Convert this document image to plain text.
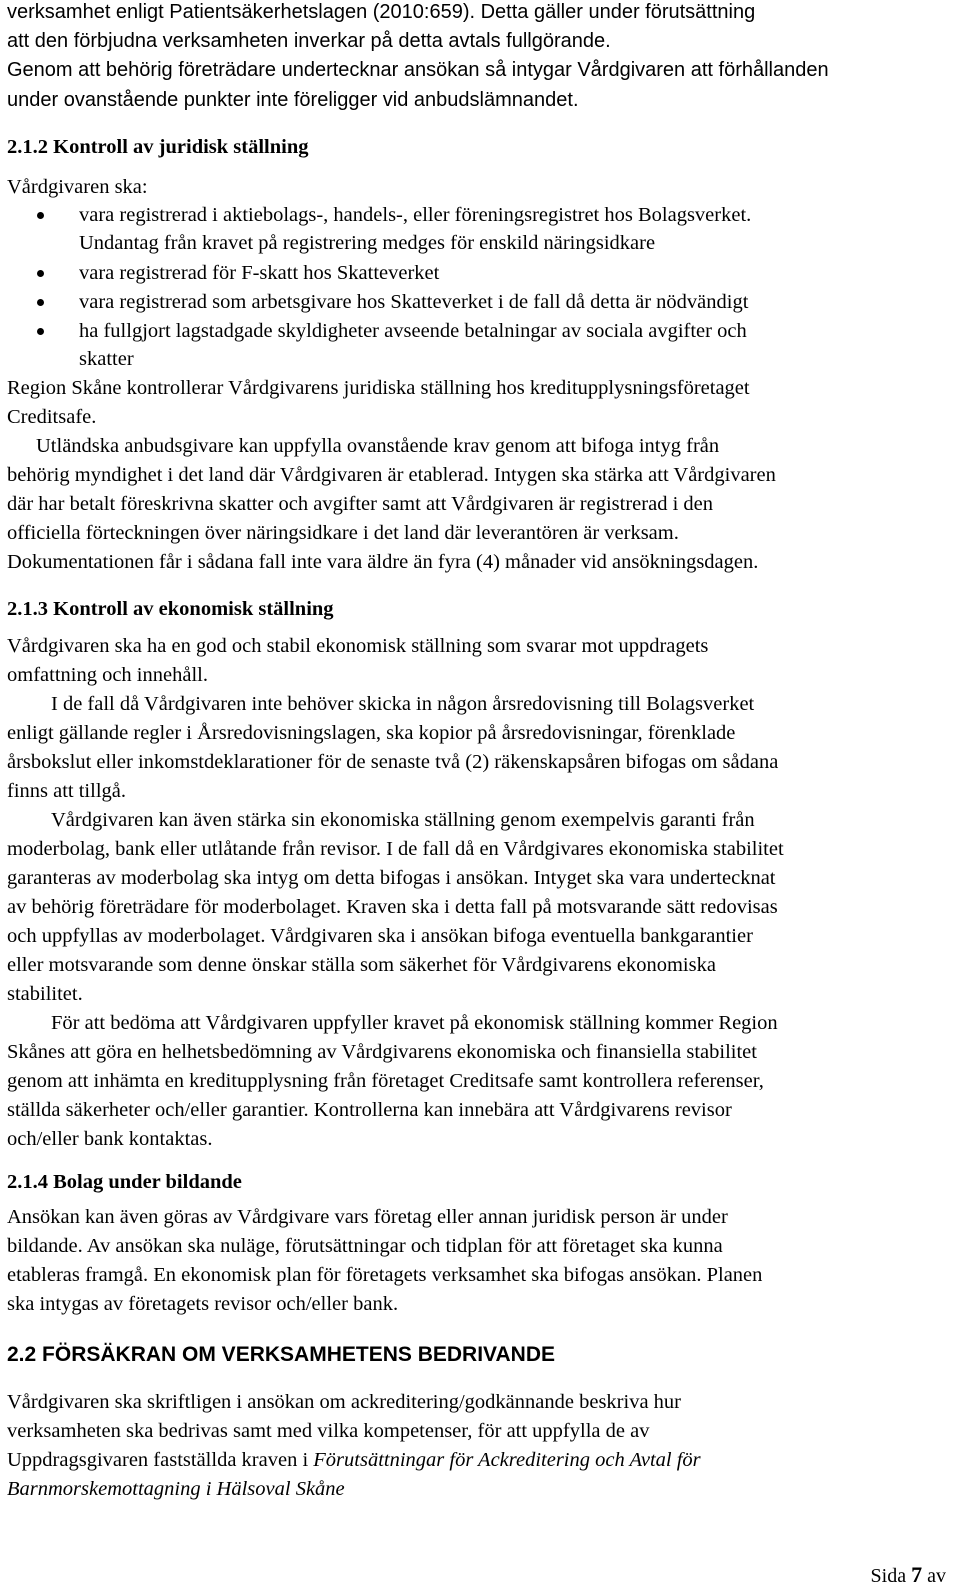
verksamhet enligt Patientsäkerhetslagen (2010:659). Detta gäller under förutsättning
att den förbjudna verksamheten inverkar på detta avtals fullgörande.
Genom att behörig företrädare undertecknar ansökan så intygar Vårdgivaren att förhållanden
under ovanstående punkter inte föreligger vid anbudslämnandet.
2.1.2 Kontroll av juridisk ställning
Vårdgivaren ska:
vara registrerad i aktiebolags-, handels-, eller föreningsregistret hos Bolagsverket.
Undantag från kravet på registrering medges för enskild näringsidkare
vara registrerad för F-skatt hos Skatteverket
vara registrerad som arbetsgivare hos Skatteverket i de fall då detta är nödvändigt
ha fullgjort lagstadgade skyldigheter avseende betalningar av sociala avgifter och
skatter
Region Skåne kontrollerar Vårdgivarens juridiska ställning hos kreditupplysningsföretaget
Creditsafe.
Utländska anbudsgivare kan uppfylla ovanstående krav genom att bifoga intyg från
behörig myndighet i det land där Vårdgivaren är etablerad. Intygen ska stärka att Vårdgivaren
där har betalt föreskrivna skatter och avgifter samt att Vårdgivaren är registrerad i den
officiella förteckningen över näringsidkare i det land där leverantören är verksam.
Dokumentationen får i sådana fall inte vara äldre än fyra (4) månader vid ansökningsdagen.
2.1.3 Kontroll av ekonomisk ställning
Vårdgivaren ska ha en god och stabil ekonomisk ställning som svarar mot uppdragets
omfattning och innehåll.
I de fall då Vårdgivaren inte behöver skicka in någon årsredovisning till Bolagsverket
enligt gällande regler i Årsredovisningslagen, ska kopior på årsredovisningar, förenklade
årsbokslut eller inkomstdeklarationer för de senaste två (2) räkenskapsåren bifogas om sådana
finns att tillgå.
Vårdgivaren kan även stärka sin ekonomiska ställning genom exempelvis garanti från
moderbolag, bank eller utlåtande från revisor. I de fall då en Vårdgivares ekonomiska stabilitet
garanteras av moderbolag ska intyg om detta bifogas i ansökan. Intyget ska vara undertecknat
av behörig företrädare för moderbolaget. Kraven ska i detta fall på motsvarande sätt redovisas
och uppfyllas av moderbolaget. Vårdgivaren ska i ansökan bifoga eventuella bankgarantier
eller motsvarande som denne önskar ställa som säkerhet för Vårdgivarens ekonomiska
stabilitet.
För att bedöma att Vårdgivaren uppfyller kravet på ekonomisk ställning kommer Region
Skånes att göra en helhetsbedömning av Vårdgivarens ekonomiska och finansiella stabilitet
genom att inhämta en kreditupplysning från företaget Creditsafe samt kontrollera referenser,
ställda säkerheter och/eller garantier. Kontrollerna kan innebära att Vårdgivarens revisor
och/eller bank kontaktas.
2.1.4 Bolag under bildande
Ansökan kan även göras av Vårdgivare vars företag eller annan juridisk person är under
bildande. Av ansökan ska nuläge, förutsättningar och tidplan för att företaget ska kunna
etableras framgå. En ekonomisk plan för företagets verksamhet ska bifogas ansökan. Planen
ska intygas av företagets revisor och/eller bank.
2.2 FÖRSÄKRAN OM VERKSAMHETENS BEDRIVANDE
Vårdgivaren ska skriftligen i ansökan om ackreditering/godkännande beskriva hur
verksamheten ska bedrivas samt med vilka kompetenser, för att uppfylla de av
Uppdragsgivaren fastställda kraven i Förutsättningar för Ackreditering och Avtal för
Barnmorskemottagning i Hälsoval Skåne
Sida 7 av
